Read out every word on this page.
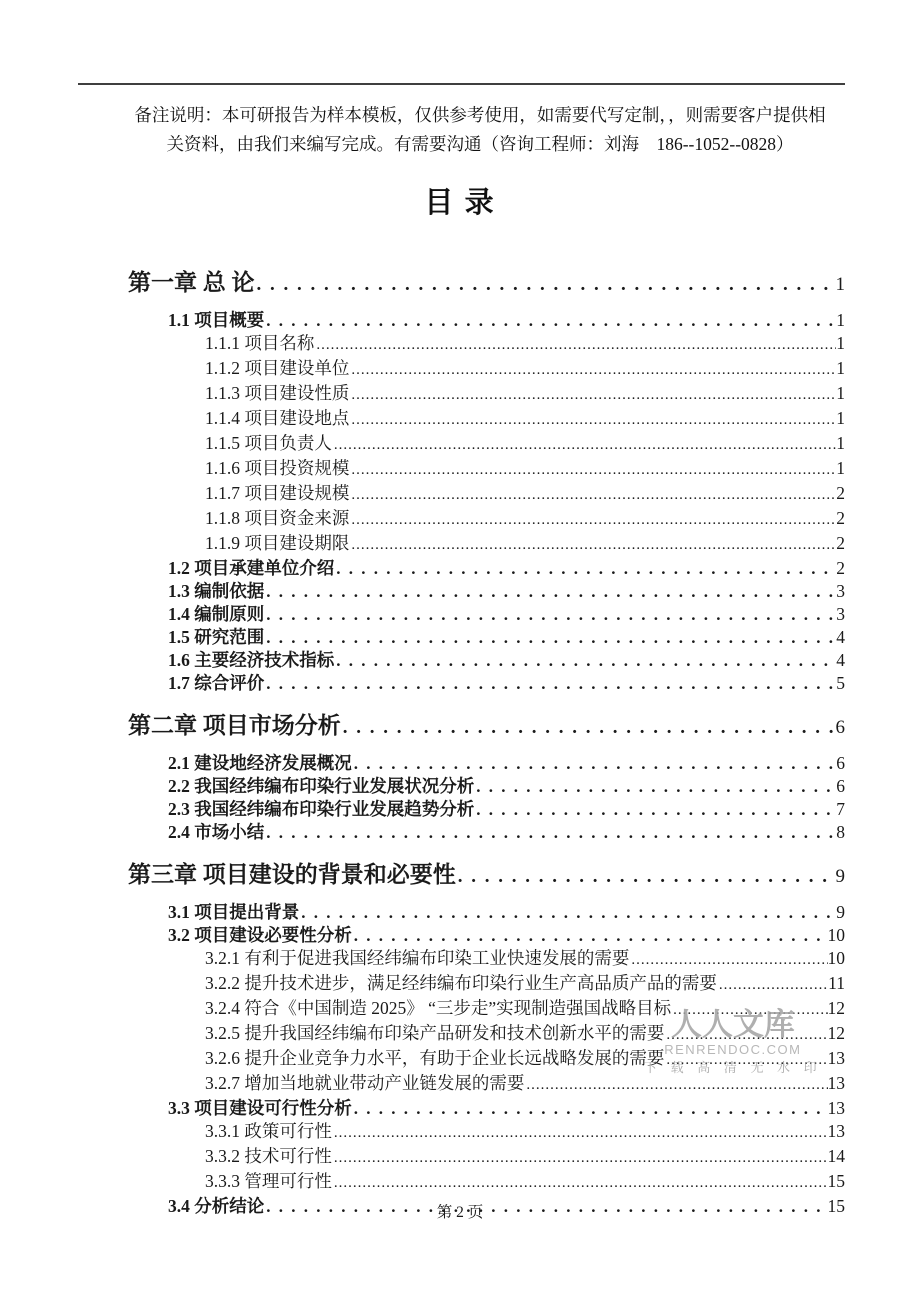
备注说明：本可研报告为样本模板，仅供参考使用，如需要代写定制，，则需要客户提供相
关资料，由我们来编写完成。有需要沟通（咨询工程师：刘海　186--1052--0828）
目 录
第一章 总 论 . . .	1
1.1 项目概要 . . .	1
1.1.1 项目名称 .....	1
1.1.2 项目建设单位 .....	1
1.1.3 项目建设性质 .....	1
1.1.4 项目建设地点 .....	1
1.1.5 项目负责人 .....	1
1.1.6 项目投资规模 .....	1
1.1.7 项目建设规模 .....	2
1.1.8 项目资金来源 .....	2
1.1.9 项目建设期限 .....	2
1.2 项目承建单位介绍 . . .	2
1.3 编制依据 . . .	3
1.4 编制原则 . . .	3
1.5 研究范围 . . .	4
1.6 主要经济技术指标 . . .	4
1.7 综合评价 . . .	5
第二章 项目市场分析 . . .	6
2.1 建设地经济发展概况 . . .	6
2.2 我国经纬编布印染行业发展状况分析 . . .	6
2.3 我国经纬编布印染行业发展趋势分析 . . .	7
2.4 市场小结 . . .	8
第三章 项目建设的背景和必要性 . . .	9
3.1 项目提出背景 . . .	9
3.2 项目建设必要性分析 . . .	10
3.2.1 有利于促进我国经纬编布印染工业快速发展的需要 .....	10
3.2.2 提升技术进步，满足经纬编布印染行业生产高品质产品的需要 .....	11
3.2.4 符合《中国制造 2025》 “三步走”实现制造强国战略目标 .....	12
3.2.5 提升我国经纬编布印染产品研发和技术创新水平的需要 .....	12
3.2.6 提升企业竞争力水平，有助于企业长远战略发展的需要 .....	13
3.2.7 增加当地就业带动产业链发展的需要 .....	13
3.3 项目建设可行性分析 . . .	13
3.3.1 政策可行性 .....	13
3.3.2 技术可行性 .....	14
3.3.3 管理可行性 .....	15
3.4 分析结论 . . .	15
人人文库
RENRENDOC.COM
下 载 高 清 无 水 印
第 2 页
